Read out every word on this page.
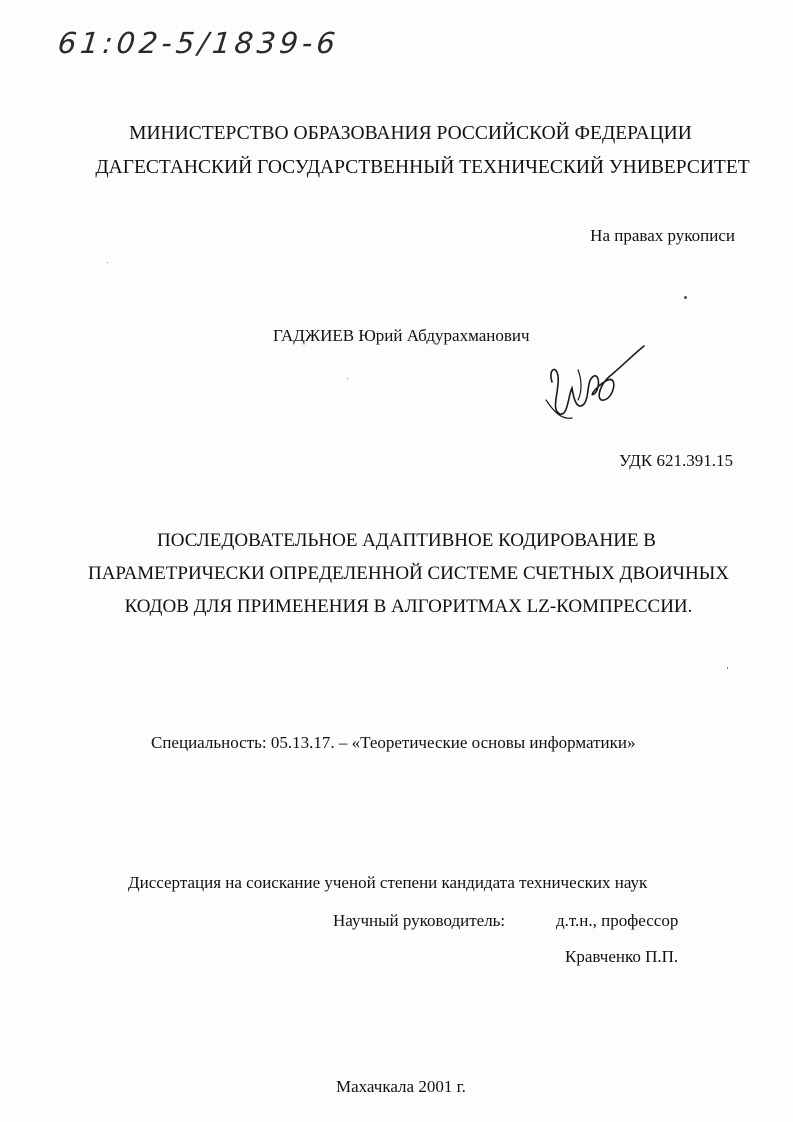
61:02-5/1839-6
МИНИСТЕРСТВО ОБРАЗОВАНИЯ РОССИЙСКОЙ ФЕДЕРАЦИИ
ДАГЕСТАНСКИЙ ГОСУДАРСТВЕННЫЙ ТЕХНИЧЕСКИЙ УНИВЕРСИТЕТ
На правах рукописи
ГАДЖИЕВ Юрий Абдурахманович
УДК 621.391.15
ПОСЛЕДОВАТЕЛЬНОЕ АДАПТИВНОЕ КОДИРОВАНИЕ В
ПАРАМЕТРИЧЕСКИ ОПРЕДЕЛЕННОЙ СИСТЕМЕ СЧЕТНЫХ ДВОИЧНЫХ
КОДОВ ДЛЯ ПРИМЕНЕНИЯ В АЛГОРИТМАХ LZ-КОМПРЕССИИ.
Специальность: 05.13.17. – «Теоретические основы информатики»
Диссертация на соискание ученой степени кандидата технических наук
Научный руководитель:	д.т.н., профессор
Кравченко П.П.
Махачкала 2001 г.
